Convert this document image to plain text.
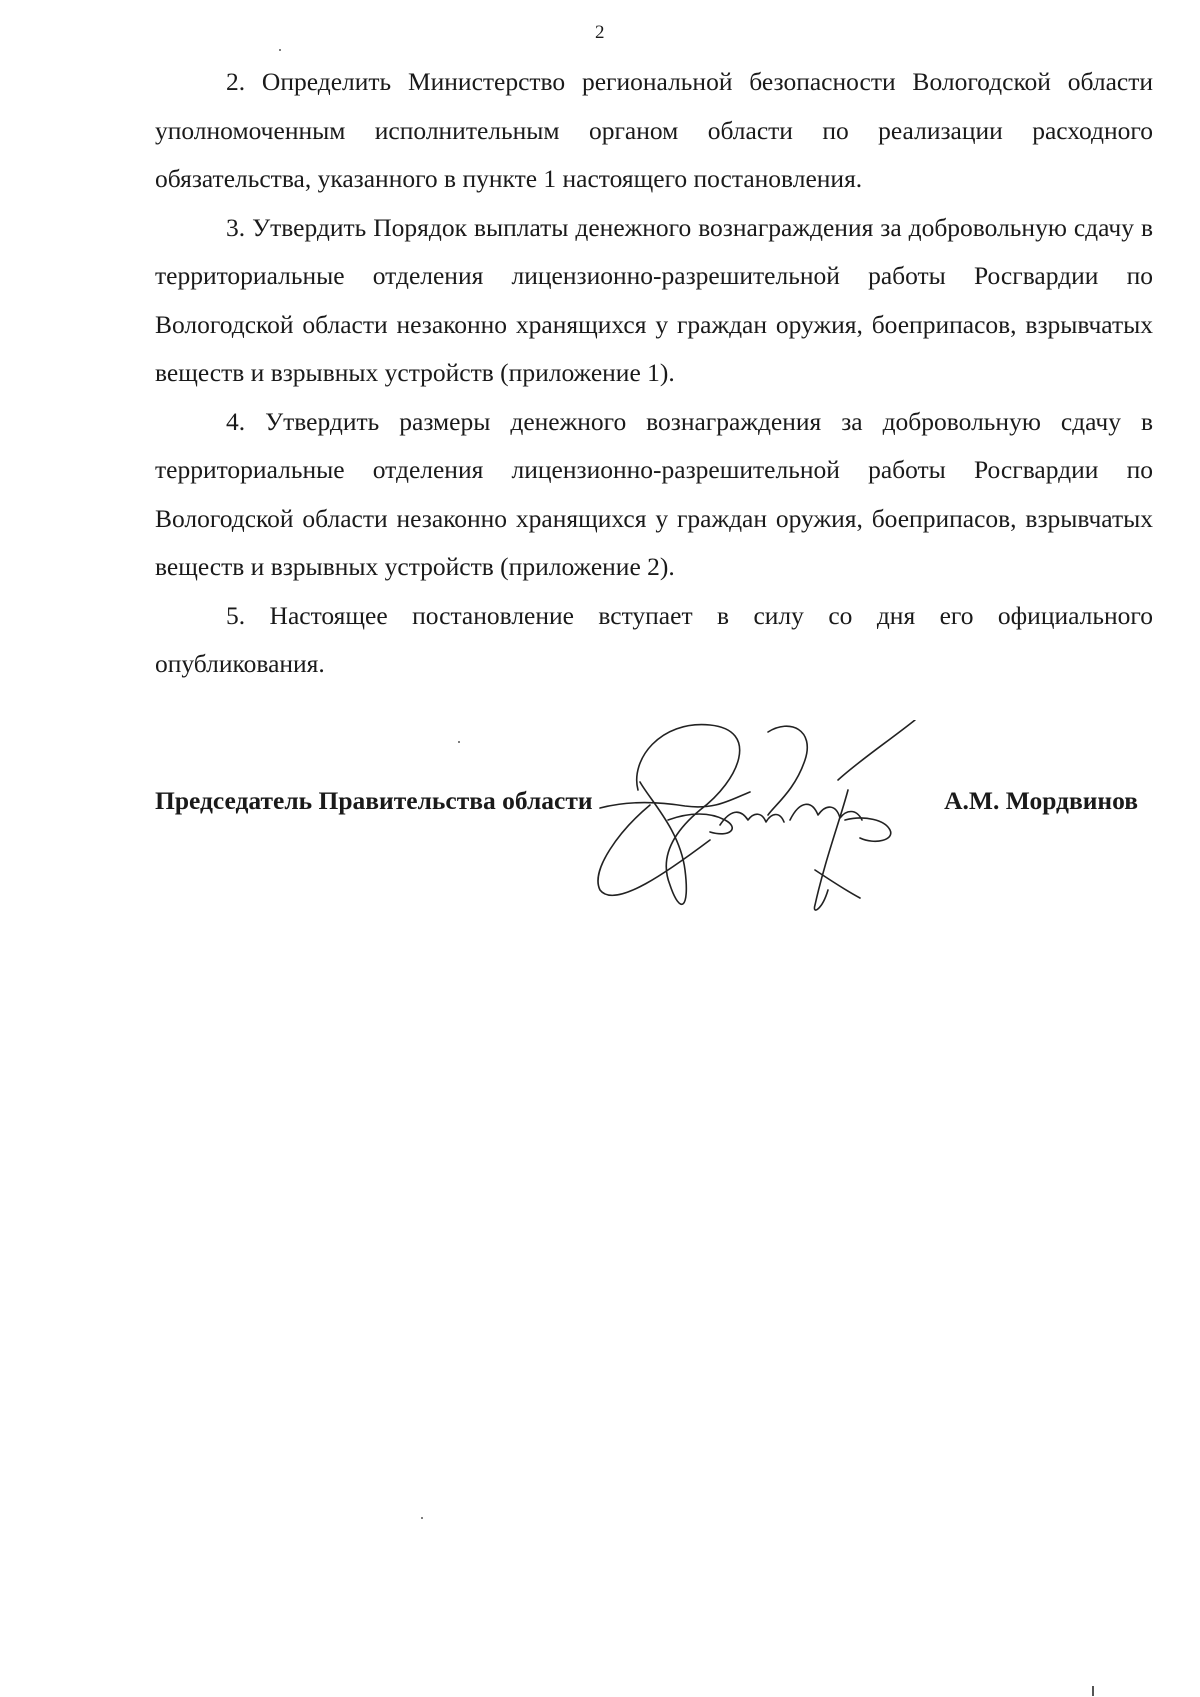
2

2. Определить Министерство региональной безопасности Вологодской области уполномоченным исполнительным органом области по реализации расходного обязательства, указанного в пункте 1 настоящего постановления.

3. Утвердить Порядок выплаты денежного вознаграждения за добровольную сдачу в территориальные отделения лицензионно-разрешительной работы Росгвардии по Вологодской области незаконно хранящихся у граждан оружия, боеприпасов, взрывчатых веществ и взрывных устройств (приложение 1).

4. Утвердить размеры денежного вознаграждения за добровольную сдачу в территориальные отделения лицензионно-разрешительной работы Росгвардии по Вологодской области незаконно хранящихся у граждан оружия, боеприпасов, взрывчатых веществ и взрывных устройств (приложение 2).

5. Настоящее постановление вступает в силу со дня его официального опубликования.

Председатель Правительства области	А.М. Мордвинов
